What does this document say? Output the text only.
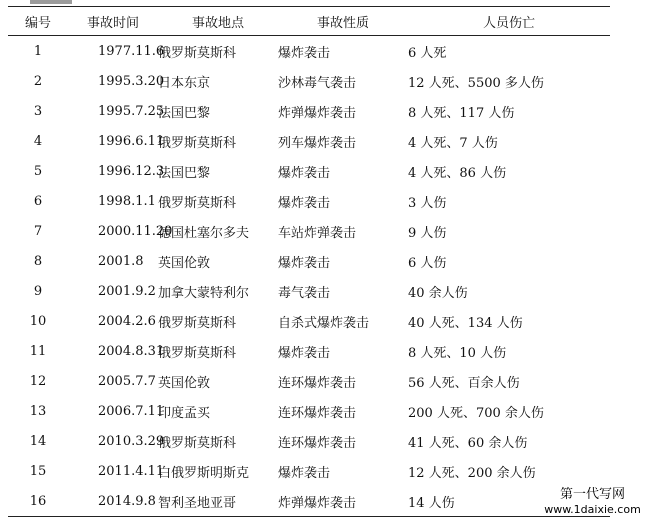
编号	事故时间	事故地点	事故性质	人员伤亡
1	1977.11.6	俄罗斯莫斯科	爆炸袭击	6 人死
2	1995.3.20	日本东京	沙林毒气袭击	12 人死、5500 多人伤
3	1995.7.25	法国巴黎	炸弹爆炸袭击	8 人死、117 人伤
4	1996.6.11	俄罗斯莫斯科	列车爆炸袭击	4 人死、7 人伤
5	1996.12.3	法国巴黎	爆炸袭击	4 人死、86 人伤
6	1998.1.1	俄罗斯莫斯科	爆炸袭击	3 人伤
7	2000.11.20	德国杜塞尔多夫	车站炸弹袭击	9 人伤
8	2001.8	英国伦敦	爆炸袭击	6 人伤
9	2001.9.2	加拿大蒙特利尔	毒气袭击	40 余人伤
10	2004.2.6	俄罗斯莫斯科	自杀式爆炸袭击	40 人死、134 人伤
11	2004.8.31	俄罗斯莫斯科	爆炸袭击	8 人死、10 人伤
12	2005.7.7	英国伦敦	连环爆炸袭击	56 人死、百余人伤
13	2006.7.11	印度孟买	连环爆炸袭击	200 人死、700 余人伤
14	2010.3.29	俄罗斯莫斯科	连环爆炸袭击	41 人死、60 余人伤
15	2011.4.11	白俄罗斯明斯克	爆炸袭击	12 人死、200 余人伤
16	2014.9.8	智利圣地亚哥	炸弹爆炸袭击	14 人伤
第一代写网
www.1daixie.com
